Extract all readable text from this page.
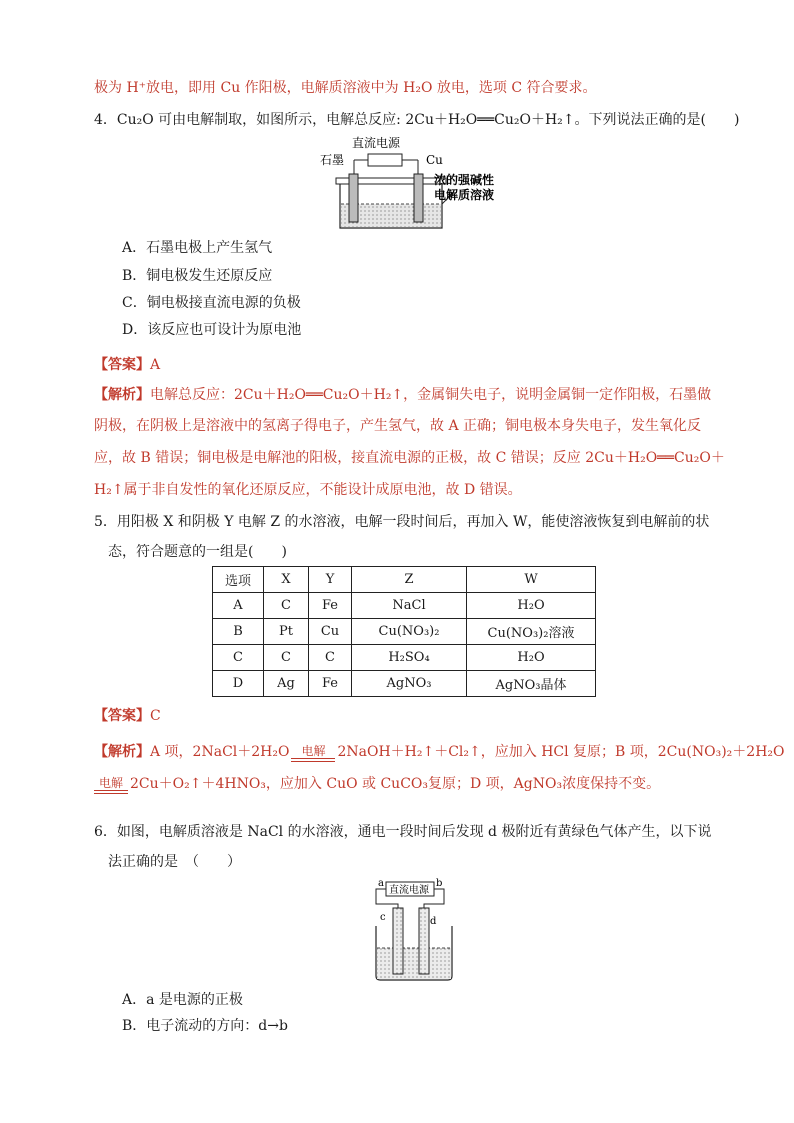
极为 H⁺放电，即用 Cu 作阳极，电解质溶液中为 H₂O 放电，选项 C 符合要求。
4．Cu₂O 可由电解制取，如图所示，电解总反应: 2Cu＋H₂O══Cu₂O＋H₂↑。下列说法正确的是(　　)
直流电源
石墨	Cu
浓的强碱性
电解质溶液
A．石墨电极上产生氢气
B．铜电极发生还原反应
C．铜电极接直流电源的负极
D．该反应也可设计为原电池
【答案】A
【解析】电解总反应：2Cu＋H₂O══Cu₂O＋H₂↑，金属铜失电子，说明金属铜一定作阳极，石墨做
阴极，在阴极上是溶液中的氢离子得电子，产生氢气，故 A 正确；铜电极本身失电子，发生氧化反
应，故 B 错误；铜电极是电解池的阳极，接直流电源的正极，故 C 错误；反应 2Cu＋H₂O══Cu₂O＋
H₂↑属于非自发性的氧化还原反应，不能设计成原电池，故 D 错误。
5．用阳极 X 和阴极 Y 电解 Z 的水溶液，电解一段时间后，再加入 W，能使溶液恢复到电解前的状
态，符合题意的一组是(　　)
选项	X	Y	Z	W
A	C	Fe	NaCl	H₂O
B	Pt	Cu	Cu(NO₃)₂	Cu(NO₃)₂溶液
C	C	C	H₂SO₄	H₂O
D	Ag	Fe	AgNO₃	AgNO₃晶体
【答案】C
【解析】A 项，2NaCl＋2H₂O 电解 2NaOH＋H₂↑＋Cl₂↑，应加入 HCl 复原；B 项，2Cu(NO₃)₂＋2H₂O
电解 2Cu＋O₂↑＋4HNO₃，应加入 CuO 或 CuCO₃复原；D 项，AgNO₃浓度保持不变。
6．如图，电解质溶液是 NaCl 的水溶液，通电一段时间后发现 d 极附近有黄绿色气体产生，以下说
法正确的是　（　　）
a	b
直流电源
c	d
A．a 是电源的正极
B．电子流动的方向：d→b
